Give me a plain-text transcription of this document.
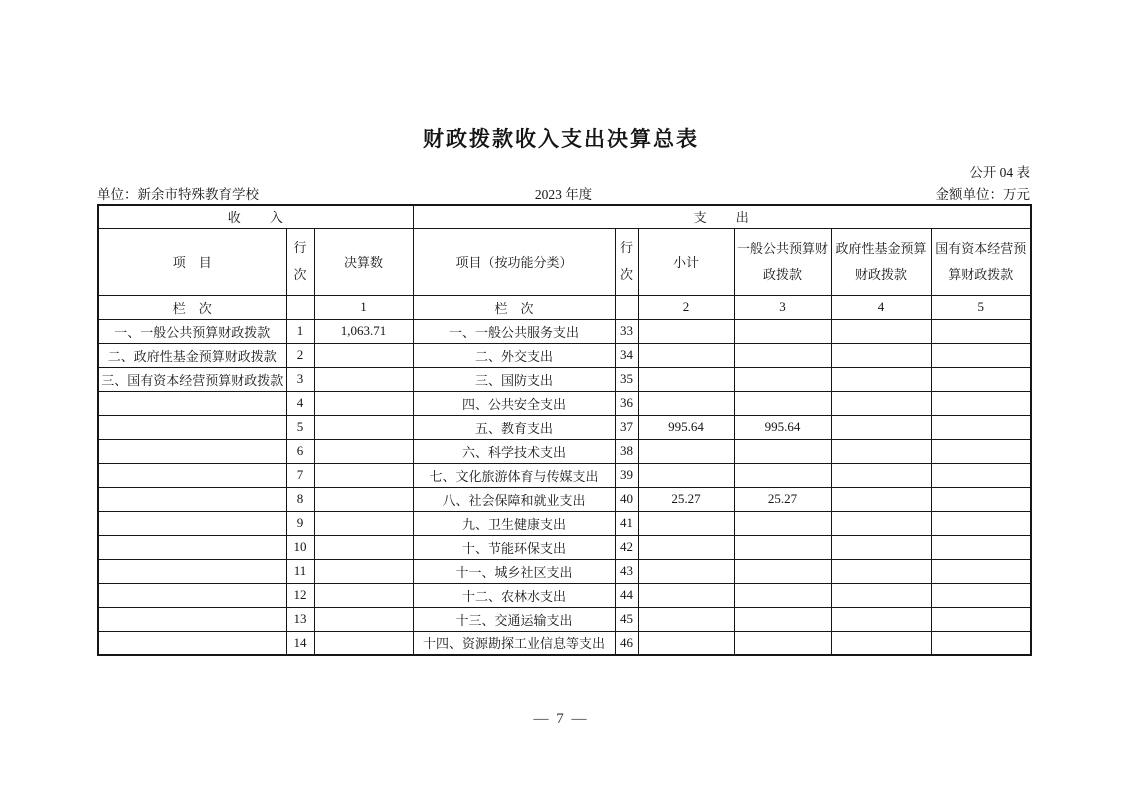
财政拨款收入支出决算总表
公开 04 表
单位：新余市特殊教育学校	2023 年度	金额单位：万元
收　　入			支　　出					
项　目	行次	决算数	项目（按功能分类）	行次	小计	一般公共预算财政拨款	政府性基金预算财政拨款	国有资本经营预算财政拨款
栏　次		1	栏　次		2	3	4	5
一、一般公共预算财政拨款	1	1,063.71	一、一般公共服务支出	33				
二、政府性基金预算财政拨款	2		二、外交支出	34				
三、国有资本经营预算财政拨款	3		三、国防支出	35				
	4		四、公共安全支出	36				
	5		五、教育支出	37	995.64	995.64		
	6		六、科学技术支出	38				
	7		七、文化旅游体育与传媒支出	39				
	8		八、社会保障和就业支出	40	25.27	25.27		
	9		九、卫生健康支出	41				
	10		十、节能环保支出	42				
	11		十一、城乡社区支出	43				
	12		十二、农林水支出	44				
	13		十三、交通运输支出	45				
	14		十四、资源勘探工业信息等支出	46				
— 7 —
